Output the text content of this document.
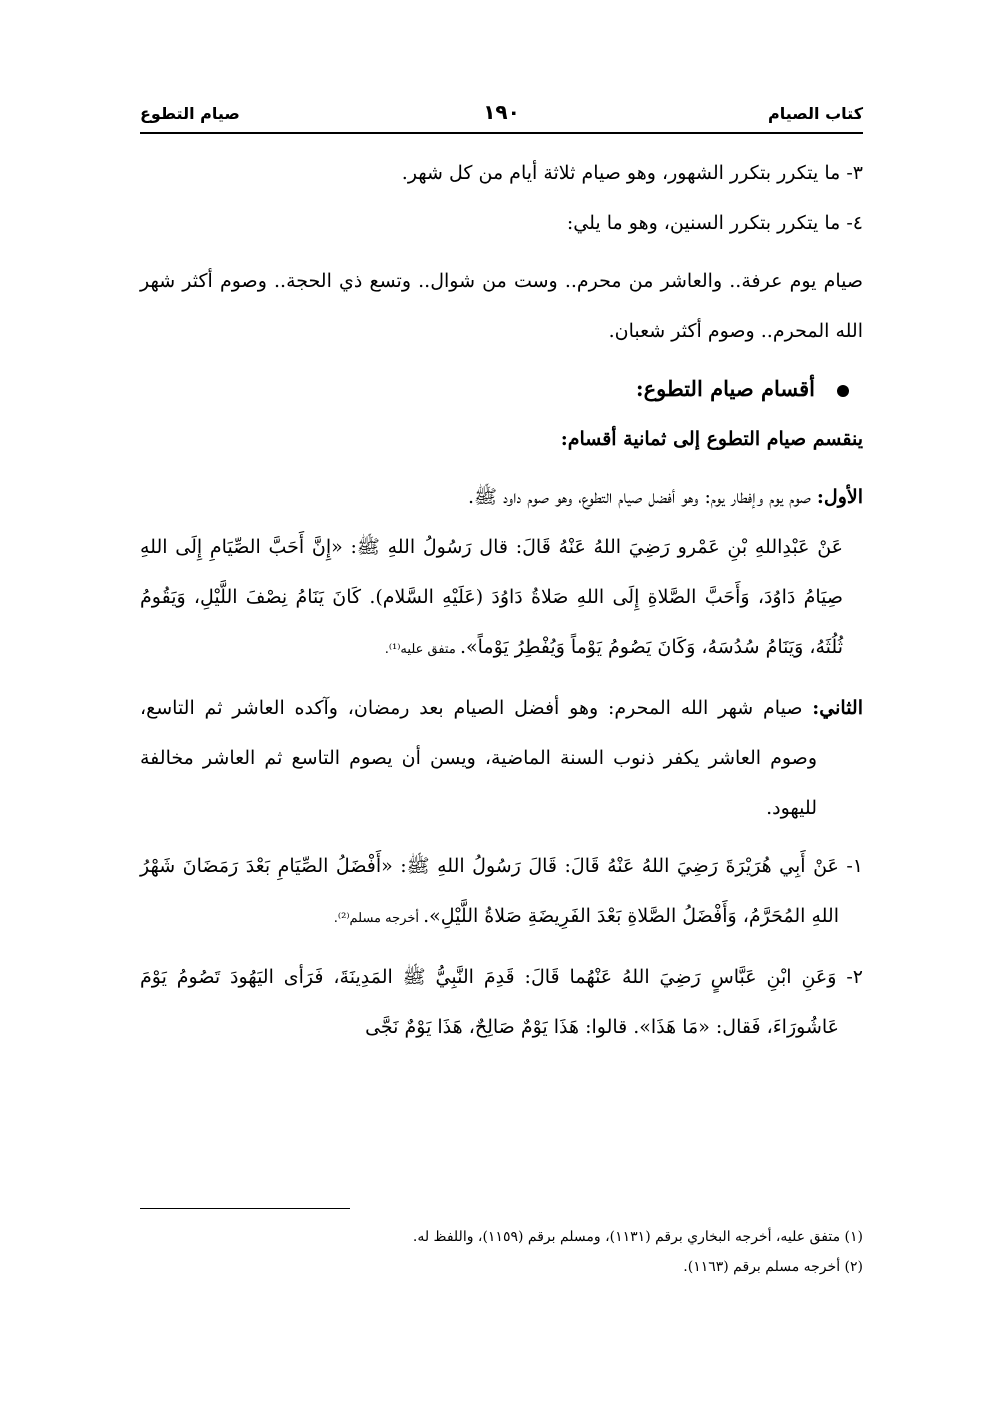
كتاب الصيام
١٩٠
صيام التطوع

٣- ما يتكرر بتكرر الشهور، وهو صيام ثلاثة أيام من كل شهر.

٤- ما يتكرر بتكرر السنين، وهو ما يلي:

صيام يوم عرفة.. والعاشر من محرم.. وست من شوال.. وتسع ذي الحجة.. وصوم أكثر شهر الله المحرم.. وصوم أكثر شعبان.

أقسام صيام التطوع:

ينقسم صيام التطوع إلى ثمانية أقسام:

الأول: صوم يوم وإفطار يوم: وهو أفضل صيام التطوع، وهو صوم داود ﷺ.

عَنْ عَبْدِاللهِ بْنِ عَمْرو رَضِيَ اللهُ عَنْهُ قَالَ: قال رَسُولُ اللهِ ﷺ: «إِنَّ أَحَبَّ الصِّيَامِ إِلَى اللهِ صِيَامُ دَاوُدَ، وَأَحَبَّ الصَّلاةِ إِلَى اللهِ صَلاةُ دَاوُدَ (عَلَيْهِ السَّلام). كَانَ يَنَامُ نِصْفَ اللَّيْلِ، وَيَقُومُ ثُلُثَهُ، وَيَنَامُ سُدُسَهُ، وَكَانَ يَصُومُ يَوْماً وَيُفْطِرُ يَوْماً». متفق عليه⁽¹⁾.

الثاني: صيام شهر الله المحرم: وهو أفضل الصيام بعد رمضان، وآكده العاشر ثم التاسع، وصوم العاشر يكفر ذنوب السنة الماضية، ويسن أن يصوم التاسع ثم العاشر مخالفة لليهود.

١- عَنْ أَبِي هُرَيْرَةَ رَضِيَ اللهُ عَنْهُ قَالَ: قَالَ رَسُولُ اللهِ ﷺ: «أَفْضَلُ الصِّيَامِ بَعْدَ رَمَضَانَ شَهْرُ اللهِ المُحَرَّمُ، وَأَفْضَلُ الصَّلاةِ بَعْدَ الفَرِيضَةِ صَلاةُ اللَّيْلِ». أخرجه مسلم⁽²⁾.

٢- وَعَنِ ابْنِ عَبَّاسٍ رَضِيَ اللهُ عَنْهُما قَالَ: قَدِمَ النَّبِيُّ ﷺ المَدِينَةَ، فَرَأى اليَهُودَ تَصُومُ يَوْمَ عَاشُورَاءَ، فَقال: «مَا هَذَا». قالوا: هَذَا يَوْمٌ صَالِحٌ، هَذَا يَوْمٌ نَجَّى

(١) متفق عليه، أخرجه البخاري برقم (١١٣١)، ومسلم برقم (١١٥٩)، واللفظ له.

(٢) أخرجه مسلم برقم (١١٦٣).
